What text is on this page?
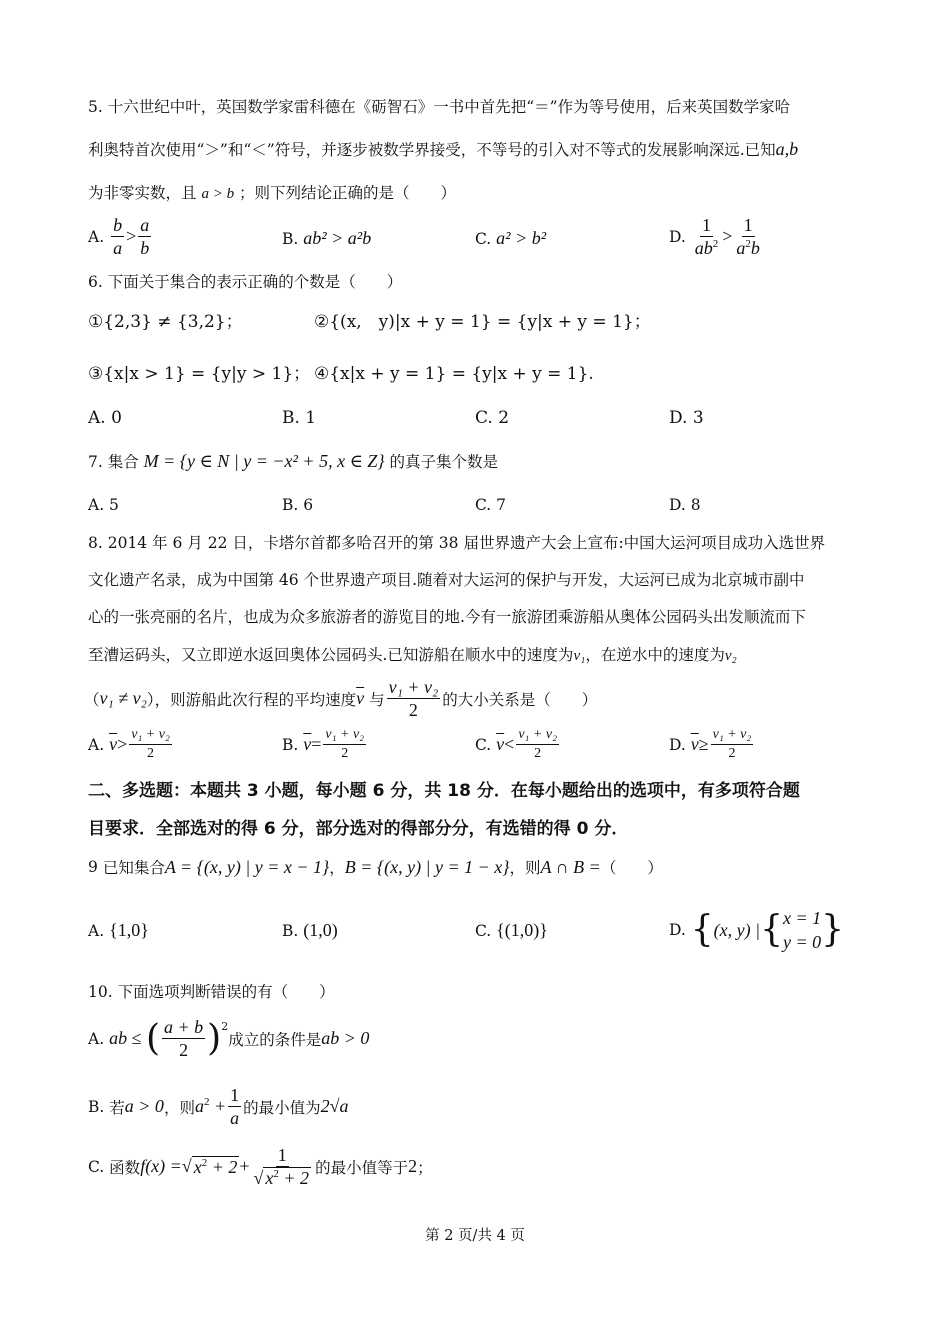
5. 十六世纪中叶，英国数学家雷科德在《砺智石》一书中首先把“＝”作为等号使用，后来英国数学家哈
利奥特首次使用“＞”和“＜”符号，并逐步被数学界接受，不等号的引入对不等式的发展影响深远.已知a,b
为非零实数，且 a > b ；则下列结论正确的是（　　）
A.
$\frac{b}{a} > \frac{a}{b}$	B.
ab² > a²b	C.
a² > b²	D.
$\frac{1}{ab^2} > \frac{1}{a^2b}$
6. 下面关于集合的表示正确的个数是（　　）
①{2,3} ≠ {3,2}；	②{(x,　y)|x + y = 1} = {y|x + y = 1}；
③{x|x > 1} = {y|y > 1}； ④{x|x + y = 1} = {y|x + y = 1}.
A. 0	B. 1	C. 2	D. 3
7. 集合 M = {y ∈ N | y = −x² + 5, x ∈ Z} 的真子集个数是
A. 5	B. 6	C. 7	D. 8
8. 2014 年 6 月 22 日，卡塔尔首都多哈召开的第 38 届世界遗产大会上宣布:中国大运河项目成功入选世界
文化遗产名录，成为中国第 46 个世界遗产项目.随着对大运河的保护与开发，大运河已成为北京城市副中
心的一张亮丽的名片，也成为众多旅游者的游览目的地.今有一旅游团乘游船从奥体公园码头出发顺流而下
至漕运码头，又立即逆水返回奥体公园码头.已知游船在顺水中的速度为v₁，在逆水中的速度为v₂
（ v₁ ≠ v₂ ），则游船此次行程的平均速度 $\overline{v}$
与 $\frac{\text{v₁ + v₂}}{2}$ 的大小关系是（　　）
A.
$\overline{v} > \frac{\text{v₁ + v₂}}{2}$	B.
$\overline{v} = \frac{\text{v₁ + v₂}}{2}$	C.
$\overline{v} < \frac{\text{v₁ + v₂}}{2}$	D.
$\overline{v} \ge \frac{\text{v₁ + v₂}}{2}$
二、多选题：本题共 3 小题，每小题 6 分，共 18 分．在每小题给出的选项中，有多项符合题
目要求．全部选对的得 6 分，部分选对的得部分分，有选错的得 0 分．
9
已知集合 A = {(x, y) | y = x − 1} ， B = {(x, y) | y = 1 − x} ，则 A ∩ B = （　　）
A.
{1,0}	B.
(1,0)	C.
{(1,0)}	D.
{ (x, y) | { x = 1
y = 0 }
10. 下面选项判断错误的有（　　）
A.
ab ≤ ( $\frac{a + b}{2} )^2$
成立的条件是 ab > 0
B.
若 a > 0 ，则 $a^2 + \frac{1}{a}$ 的最小值为 2√a
C.
函数 f(x) = √ $x^2 + 2 + \frac{1}{√ x^2 + 2}$ 的最小值等于 2 ；
第 2 页/共 4 页
